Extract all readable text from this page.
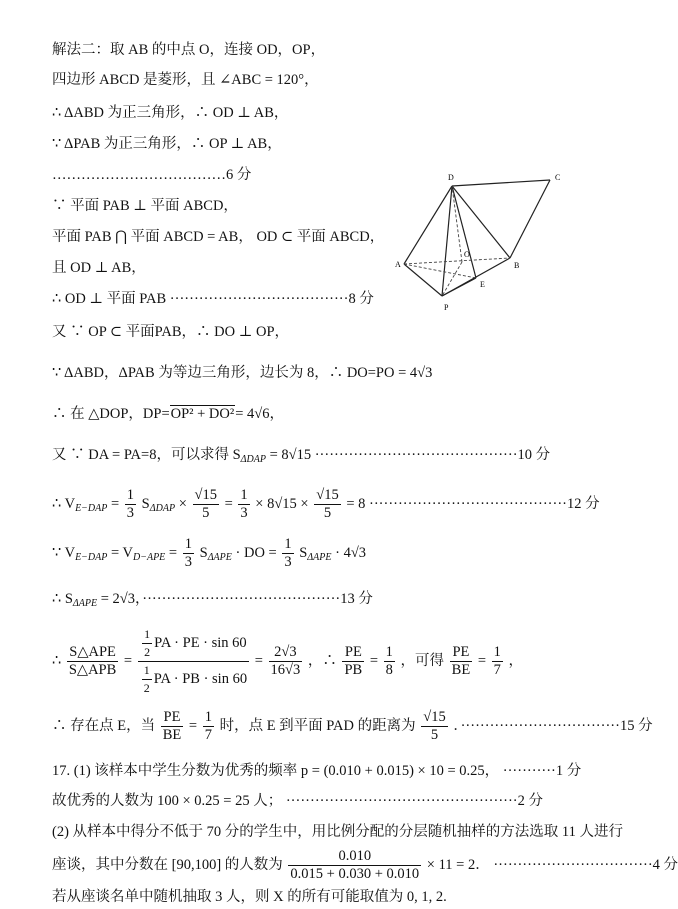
解法二：取 AB 的中点 O，连接 OD，OP，
四边形 ABCD 是菱形，且 ∠ABC = 120°，
∴ ΔABD 为正三角形，∴ OD ⊥ AB，
∵ ΔPAB 为正三角形，∴ OP ⊥ AB，
………………………………6 分
∵ 平面 PAB ⊥ 平面 ABCD，
平面 PAB ⋂ 平面 ABCD = AB， OD ⊂ 平面 ABCD，
且 OD ⊥ AB，
∴ OD ⊥ 平面 PAB ·····································8 分
又 ∵ OP ⊂ 平面PAB，∴ DO ⊥ OP，
∵ ΔABD，ΔPAB 为等边三角形，边长为 8，∴ DO=PO = 4√3
∴ 在 △DOP，DP=OP² + DO²= 4√6，
又 ∵ DA = PA=8，可以求得 $S_{\Delta DAP} = 8√15 \cdot\cdot\cdot\cdot\cdot\cdot\cdot\cdot\cdot\cdot\cdot\cdot\cdot\cdot\cdot\cdot\cdot\cdot\cdot\cdot\cdot\cdot\cdot\cdot\cdot\cdot\cdot\cdot\cdot\cdot\cdot\cdot\cdot\cdot\cdot\cdot\cdot\cdot\cdot\cdot\cdot\cdot 10$ 分
∴ $V_{E-DAP} = \frac{1}{3} S_{\Delta DAP} \times \frac{√15}{5} = \frac{1}{3} \times 8√15 \times \frac{√15}{5} = 8 \cdot\cdot\cdot\cdot\cdot\cdot\cdot\cdot\cdot\cdot\cdot\cdot\cdot\cdot\cdot\cdot\cdot\cdot\cdot\cdot\cdot\cdot\cdot\cdot\cdot\cdot\cdot\cdot\cdot\cdot\cdot\cdot\cdot\cdot\cdot\cdot\cdot\cdot\cdot\cdot\cdot 12$ 分
∵ $V_{E-DAP} = V_{D-APE} = \frac{1}{3} S_{\Delta APE}$ · DO = $\frac{1}{3} S_{\Delta APE} \cdot 4√3$
∴ $S_{\Delta APE} = 2√3$，·········································13 分
∴ $\frac{\text{S△APE}}{\text{S△APB}} = \frac{\frac{1}{2} PA \cdot PE \cdot \sin 60}{\frac{1}{2} PA \cdot PB \cdot \sin 60} = \frac{2√3}{16√3}$ ，∴ $\frac{PE}{PB} = \frac{1}{8}$ ，可得 $\frac{PE}{BE} = \frac{1}{7}$ ，
∴ 存在点 E，当 $\frac{PE}{BE} = \frac{1}{7}$ 时，点 E 到平面 PAD 的距离为 $\frac{√15}{5}$ ．·································15 分
17. (1) 该样本中学生分数为优秀的频率 p = (0.010 + 0.015) × 10 = 0.25， ···········1 分
故优秀的人数为 100 × 0.25 = 25 人； ················································2 分
(2) 从样本中得分不低于 70 分的学生中，用比例分配的分层随机抽样的方法选取 11 人进行
座谈，其中分数在 [90,100] 的人数为 $\frac{0.010}{0.015 + 0.030 + 0.010} \times 11 = 2$． ·································4 分
若从座谈名单中随机抽取 3 人，则 X 的所有可能取值为 0, 1, 2.
D	C
A	B
O
E
P
